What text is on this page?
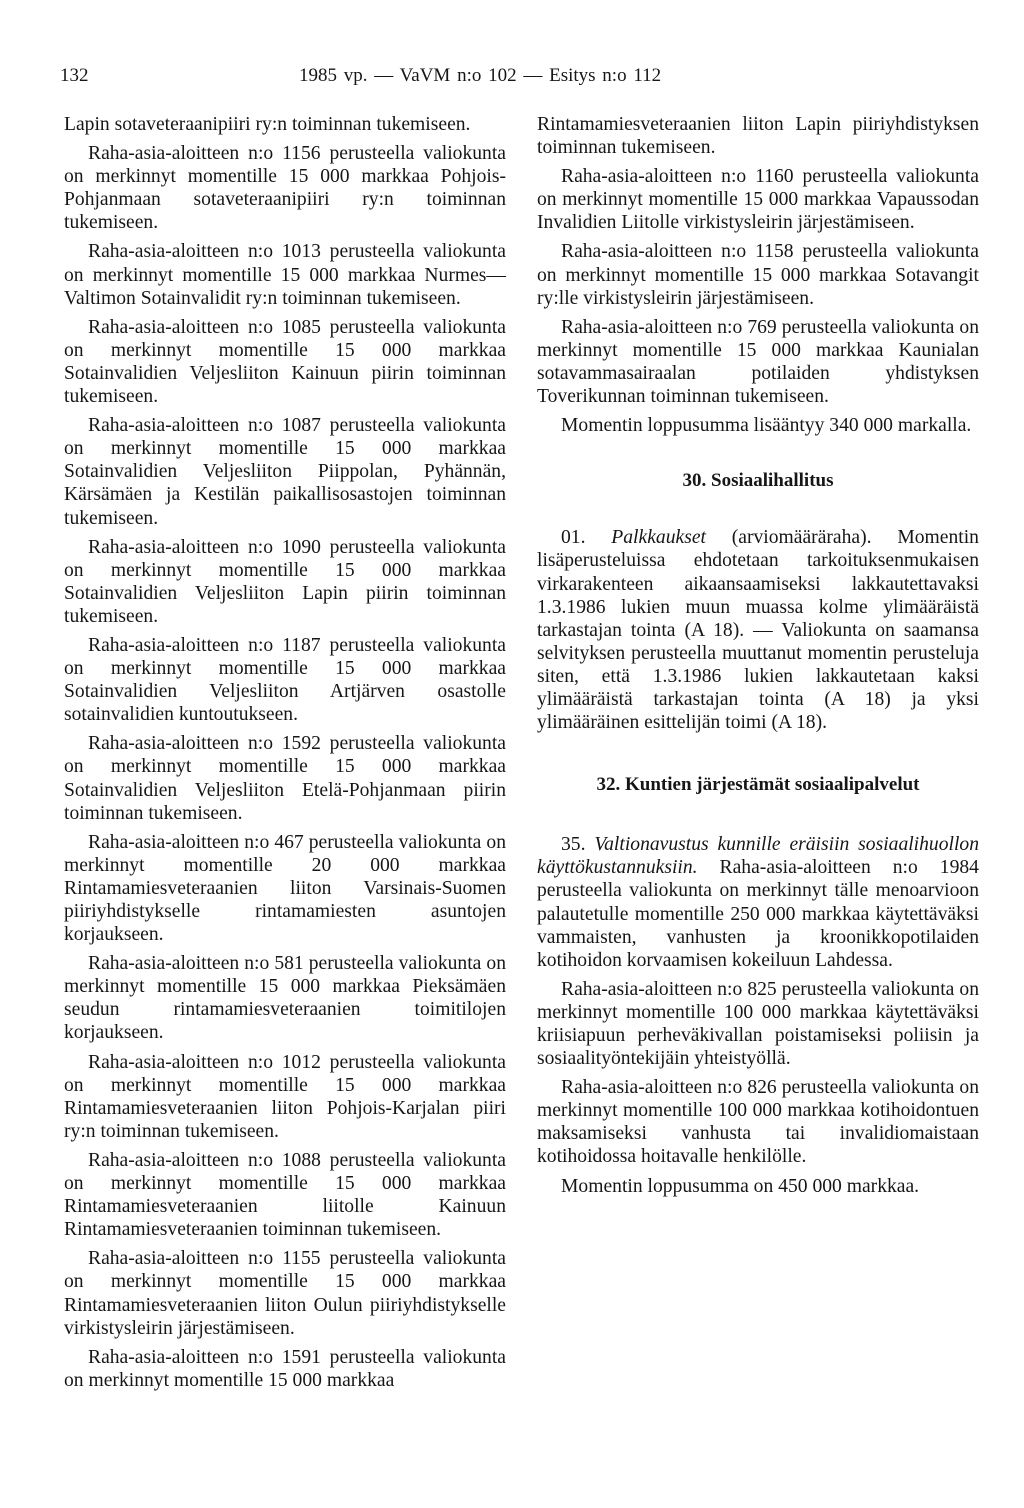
132	1985 vp. — VaVM n:o 102 — Esitys n:o 112

Lapin sotaveteraanipiiri ry:n toiminnan tukemiseen.

Raha-asia-aloitteen n:o 1156 perusteella valiokunta on merkinnyt momentille 15 000 markkaa Pohjois-Pohjanmaan sotaveteraanipiiri ry:n toiminnan tukemiseen.

Raha-asia-aloitteen n:o 1013 perusteella valiokunta on merkinnyt momentille 15 000 markkaa Nurmes—Valtimon Sotainvalidit ry:n toiminnan tukemiseen.

Raha-asia-aloitteen n:o 1085 perusteella valiokunta on merkinnyt momentille 15 000 markkaa Sotainvalidien Veljesliiton Kainuun piirin toiminnan tukemiseen.

Raha-asia-aloitteen n:o 1087 perusteella valiokunta on merkinnyt momentille 15 000 markkaa Sotainvalidien Veljesliiton Piippolan, Pyhännän, Kärsämäen ja Kestilän paikallisosastojen toiminnan tukemiseen.

Raha-asia-aloitteen n:o 1090 perusteella valiokunta on merkinnyt momentille 15 000 markkaa Sotainvalidien Veljesliiton Lapin piirin toiminnan tukemiseen.

Raha-asia-aloitteen n:o 1187 perusteella valiokunta on merkinnyt momentille 15 000 markkaa Sotainvalidien Veljesliiton Artjärven osastolle sotainvalidien kuntoutukseen.

Raha-asia-aloitteen n:o 1592 perusteella valiokunta on merkinnyt momentille 15 000 markkaa Sotainvalidien Veljesliiton Etelä-Pohjanmaan piirin toiminnan tukemiseen.

Raha-asia-aloitteen n:o 467 perusteella valiokunta on merkinnyt momentille 20 000 markkaa Rintamamiesveteraanien liiton Varsinais-Suomen piiriyhdistykselle rintamamiesten asuntojen korjaukseen.

Raha-asia-aloitteen n:o 581 perusteella valiokunta on merkinnyt momentille 15 000 markkaa Pieksämäen seudun rintamamiesveteraanien toimitilojen korjaukseen.

Raha-asia-aloitteen n:o 1012 perusteella valiokunta on merkinnyt momentille 15 000 markkaa Rintamamiesveteraanien liiton Pohjois-Karjalan piiri ry:n toiminnan tukemiseen.

Raha-asia-aloitteen n:o 1088 perusteella valiokunta on merkinnyt momentille 15 000 markkaa Rintamamiesveteraanien liitolle Kainuun Rintamamiesveteraanien toiminnan tukemiseen.

Raha-asia-aloitteen n:o 1155 perusteella valiokunta on merkinnyt momentille 15 000 markkaa Rintamamiesveteraanien liiton Oulun piiriyhdistykselle virkistysleirin järjestämiseen.

Raha-asia-aloitteen n:o 1591 perusteella valiokunta on merkinnyt momentille 15 000 markkaa

Rintamamiesveteraanien liiton Lapin piiriyhdistyksen toiminnan tukemiseen.

Raha-asia-aloitteen n:o 1160 perusteella valiokunta on merkinnyt momentille 15 000 markkaa Vapaussodan Invalidien Liitolle virkistysleirin järjestämiseen.

Raha-asia-aloitteen n:o 1158 perusteella valiokunta on merkinnyt momentille 15 000 markkaa Sotavangit ry:lle virkistysleirin järjestämiseen.

Raha-asia-aloitteen n:o 769 perusteella valiokunta on merkinnyt momentille 15 000 markkaa Kaunialan sotavammasairaalan potilaiden yhdistyksen Toverikunnan toiminnan tukemiseen.

Momentin loppusumma lisääntyy 340 000 markalla.

30. Sosiaalihallitus

01. Palkkaukset (arviomääräraha). Momentin lisäperusteluissa ehdotetaan tarkoituksenmukaisen virkarakenteen aikaansaamiseksi lakkautettavaksi 1.3.1986 lukien muun muassa kolme ylimääräistä tarkastajan tointa (A 18). — Valiokunta on saamansa selvityksen perusteella muuttanut momentin perusteluja siten, että 1.3.1986 lukien lakkautetaan kaksi ylimääräistä tarkastajan tointa (A 18) ja yksi ylimääräinen esittelijän toimi (A 18).

32. Kuntien järjestämät sosiaalipalvelut

35. Valtionavustus kunnille eräisiin sosiaalihuollon käyttökustannuksiin. Raha-asia-aloitteen n:o 1984 perusteella valiokunta on merkinnyt tälle menoarvioon palautetulle momentille 250 000 markkaa käytettäväksi vammaisten, vanhusten ja kroonikkopotilaiden kotihoidon korvaamisen kokeiluun Lahdessa.

Raha-asia-aloitteen n:o 825 perusteella valiokunta on merkinnyt momentille 100 000 markkaa käytettäväksi kriisiapuun perheväkivallan poistamiseksi poliisin ja sosiaalityöntekijäin yhteistyöllä.

Raha-asia-aloitteen n:o 826 perusteella valiokunta on merkinnyt momentille 100 000 markkaa kotihoidontuen maksamiseksi vanhusta tai invalidiomaistaan kotihoidossa hoitavalle henkilölle.

Momentin loppusumma on 450 000 markkaa.
